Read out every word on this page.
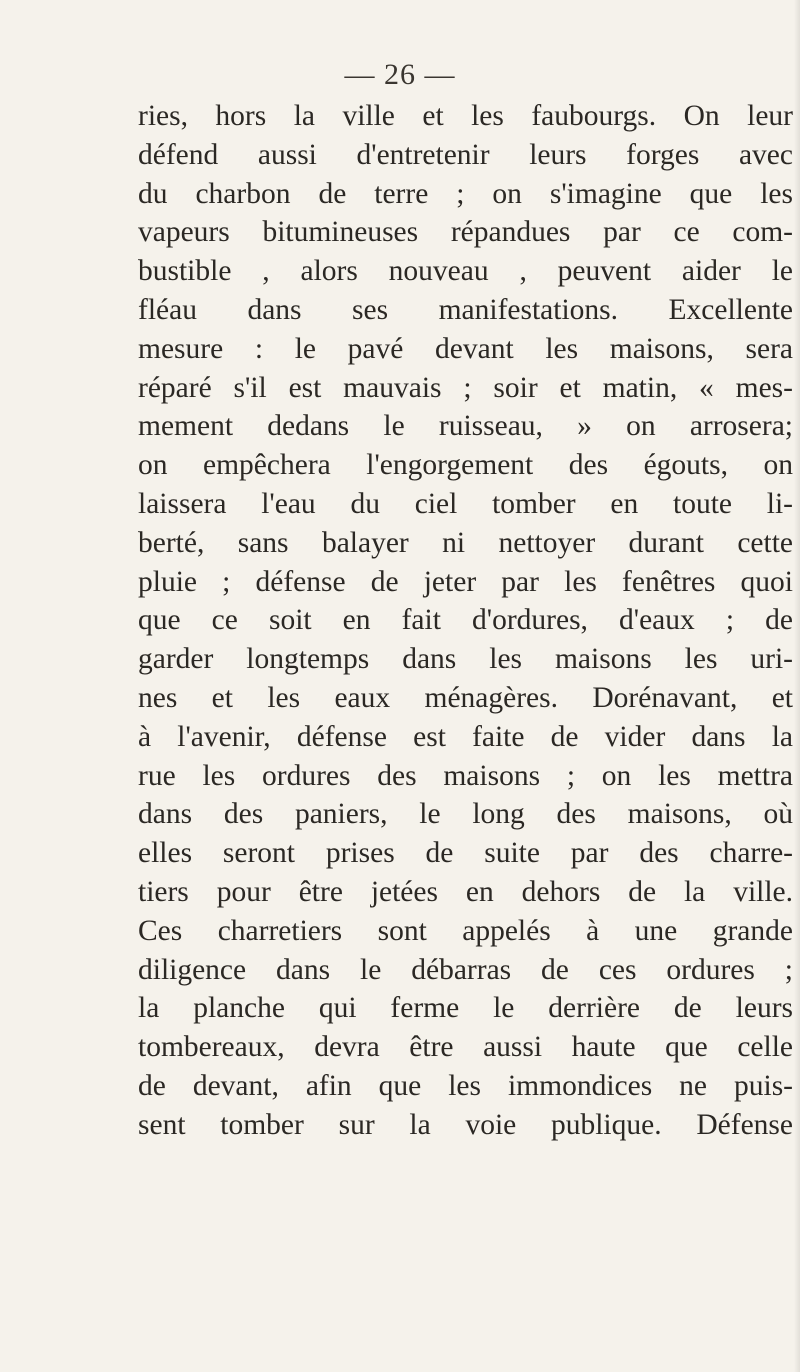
— 26 —
ries, hors la ville et les faubourgs. On leur
défend aussi d'entretenir leurs forges avec
du charbon de terre ; on s'imagine que les
vapeurs bitumineuses répandues par ce com-
bustible , alors nouveau , peuvent aider le
fléau dans ses manifestations. Excellente
mesure : le pavé devant les maisons, sera
réparé s'il est mauvais ; soir et matin, « mes-
mement dedans le ruisseau, » on arrosera;
on empêchera l'engorgement des égouts, on
laissera l'eau du ciel tomber en toute li-
berté, sans balayer ni nettoyer durant cette
pluie ; défense de jeter par les fenêtres quoi
que ce soit en fait d'ordures, d'eaux ; de
garder longtemps dans les maisons les uri-
nes et les eaux ménagères. Dorénavant, et
à l'avenir, défense est faite de vider dans la
rue les ordures des maisons ; on les mettra
dans des paniers, le long des maisons, où
elles seront prises de suite par des charre-
tiers pour être jetées en dehors de la ville.
Ces charretiers sont appelés à une grande
diligence dans le débarras de ces ordures ;
la planche qui ferme le derrière de leurs
tombereaux, devra être aussi haute que celle
de devant, afin que les immondices ne puis-
sent tomber sur la voie publique. Défense
